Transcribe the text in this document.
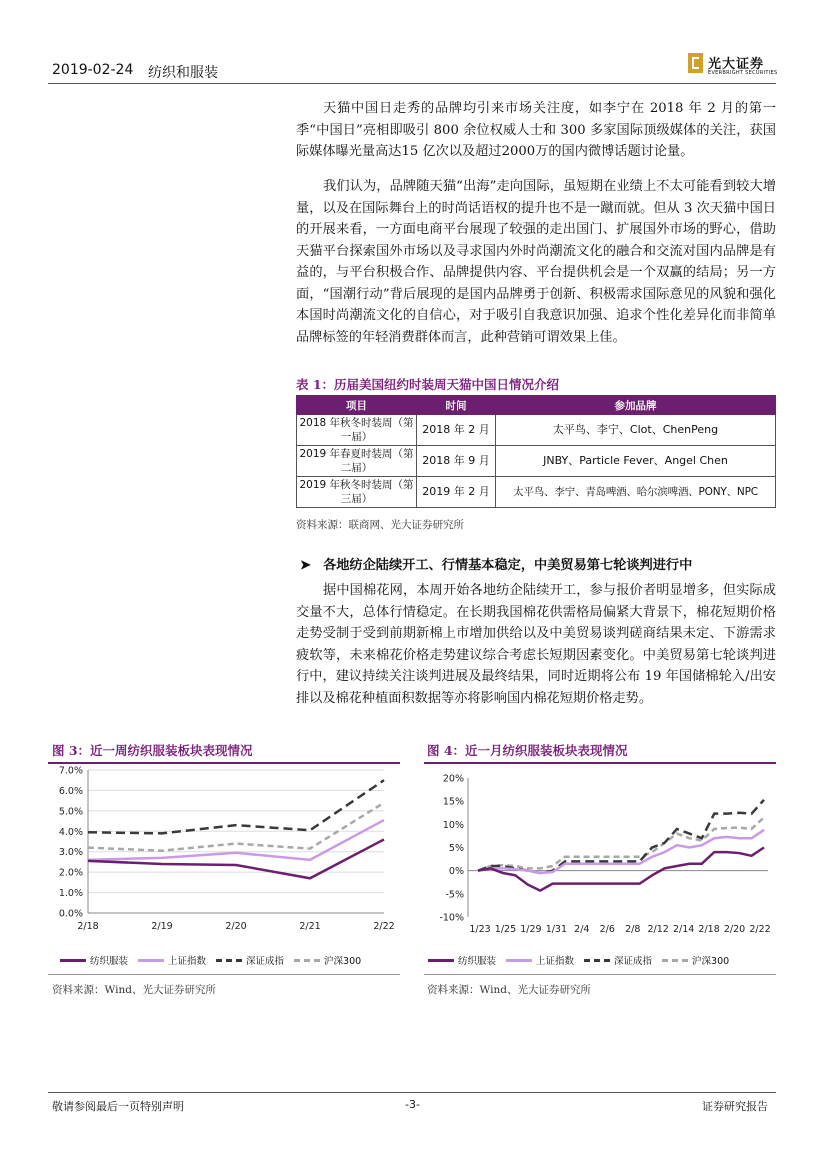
2019-02-24 纺织和服装
光大证券
EVERBRIGHT SECURITIES

天猫中国日走秀的品牌均引来市场关注度，如李宁在 2018 年 2 月的第一季“中国日”亮相即吸引 800 余位权威人士和 300 多家国际顶级媒体的关注，获国际媒体曝光量高达15 亿次以及超过2000万的国内微博话题讨论量。

我们认为，品牌随天猫“出海”走向国际，虽短期在业绩上不太可能看到较大增量，以及在国际舞台上的时尚话语权的提升也不是一蹴而就。但从 3 次天猫中国日的开展来看，一方面电商平台展现了较强的走出国门、扩展国外市场的野心，借助天猫平台探索国外市场以及寻求国内外时尚潮流文化的融合和交流对国内品牌是有益的，与平台积极合作、品牌提供内容、平台提供机会是一个双赢的结局；另一方面，“国潮行动”背后展现的是国内品牌勇于创新、积极需求国际意见的风貌和强化本国时尚潮流文化的自信心，对于吸引自我意识加强、追求个性化差异化而非简单品牌标签的年轻消费群体而言，此种营销可谓效果上佳。

表 1：历届美国纽约时装周天猫中国日情况介绍
项目	时间	参加品牌
2018 年秋冬时装周（第一届）	2018 年 2 月	太平鸟、李宁、Clot、ChenPeng
2019 年春夏时装周（第二届）	2018 年 9 月	JNBY、Particle Fever、Angel Chen
2019 年秋冬时装周（第三届）	2019 年 2 月	太平鸟、李宁、青岛啤酒、哈尔滨啤酒、PONY、NPC
资料来源：联商网、光大证券研究所
➤ 各地纺企陆续开工、行情基本稳定，中美贸易第七轮谈判进行中

据中国棉花网，本周开始各地纺企陆续开工，参与报价者明显增多，但实际成交量不大，总体行情稳定。在长期我国棉花供需格局偏紧大背景下，棉花短期价格走势受制于受到前期新棉上市增加供给以及中美贸易谈判磋商结果未定、下游需求疲软等，未来棉花价格走势建议综合考虑长短期因素变化。中美贸易第七轮谈判进行中，建议持续关注谈判进展及最终结果，同时近期将公布 19 年国储棉轮入/出安排以及棉花种植面积数据等亦将影响国内棉花短期价格走势。

图 3：近一周纺织服装板块表现情况
0.0%
1.0%
2.0%
3.0%
4.0%
5.0%
6.0%
7.0%
2/18	2/19	2/20	2/21	2/22
纺织服装	上证指数	深证成指	沪深300
资料来源：Wind、光大证券研究所
图 4：近一月纺织服装板块表现情况
-10%
-5%
0%
5%
10%
15%
20%
1/23 1/25 1/29 1/31 2/4 2/6 2/8 2/12 2/14 2/18 2/20 2/22
纺织服装	上证指数	深证成指	沪深300
资料来源：Wind、光大证券研究所
敬请参阅最后一页特别声明	-3-	证券研究报告
